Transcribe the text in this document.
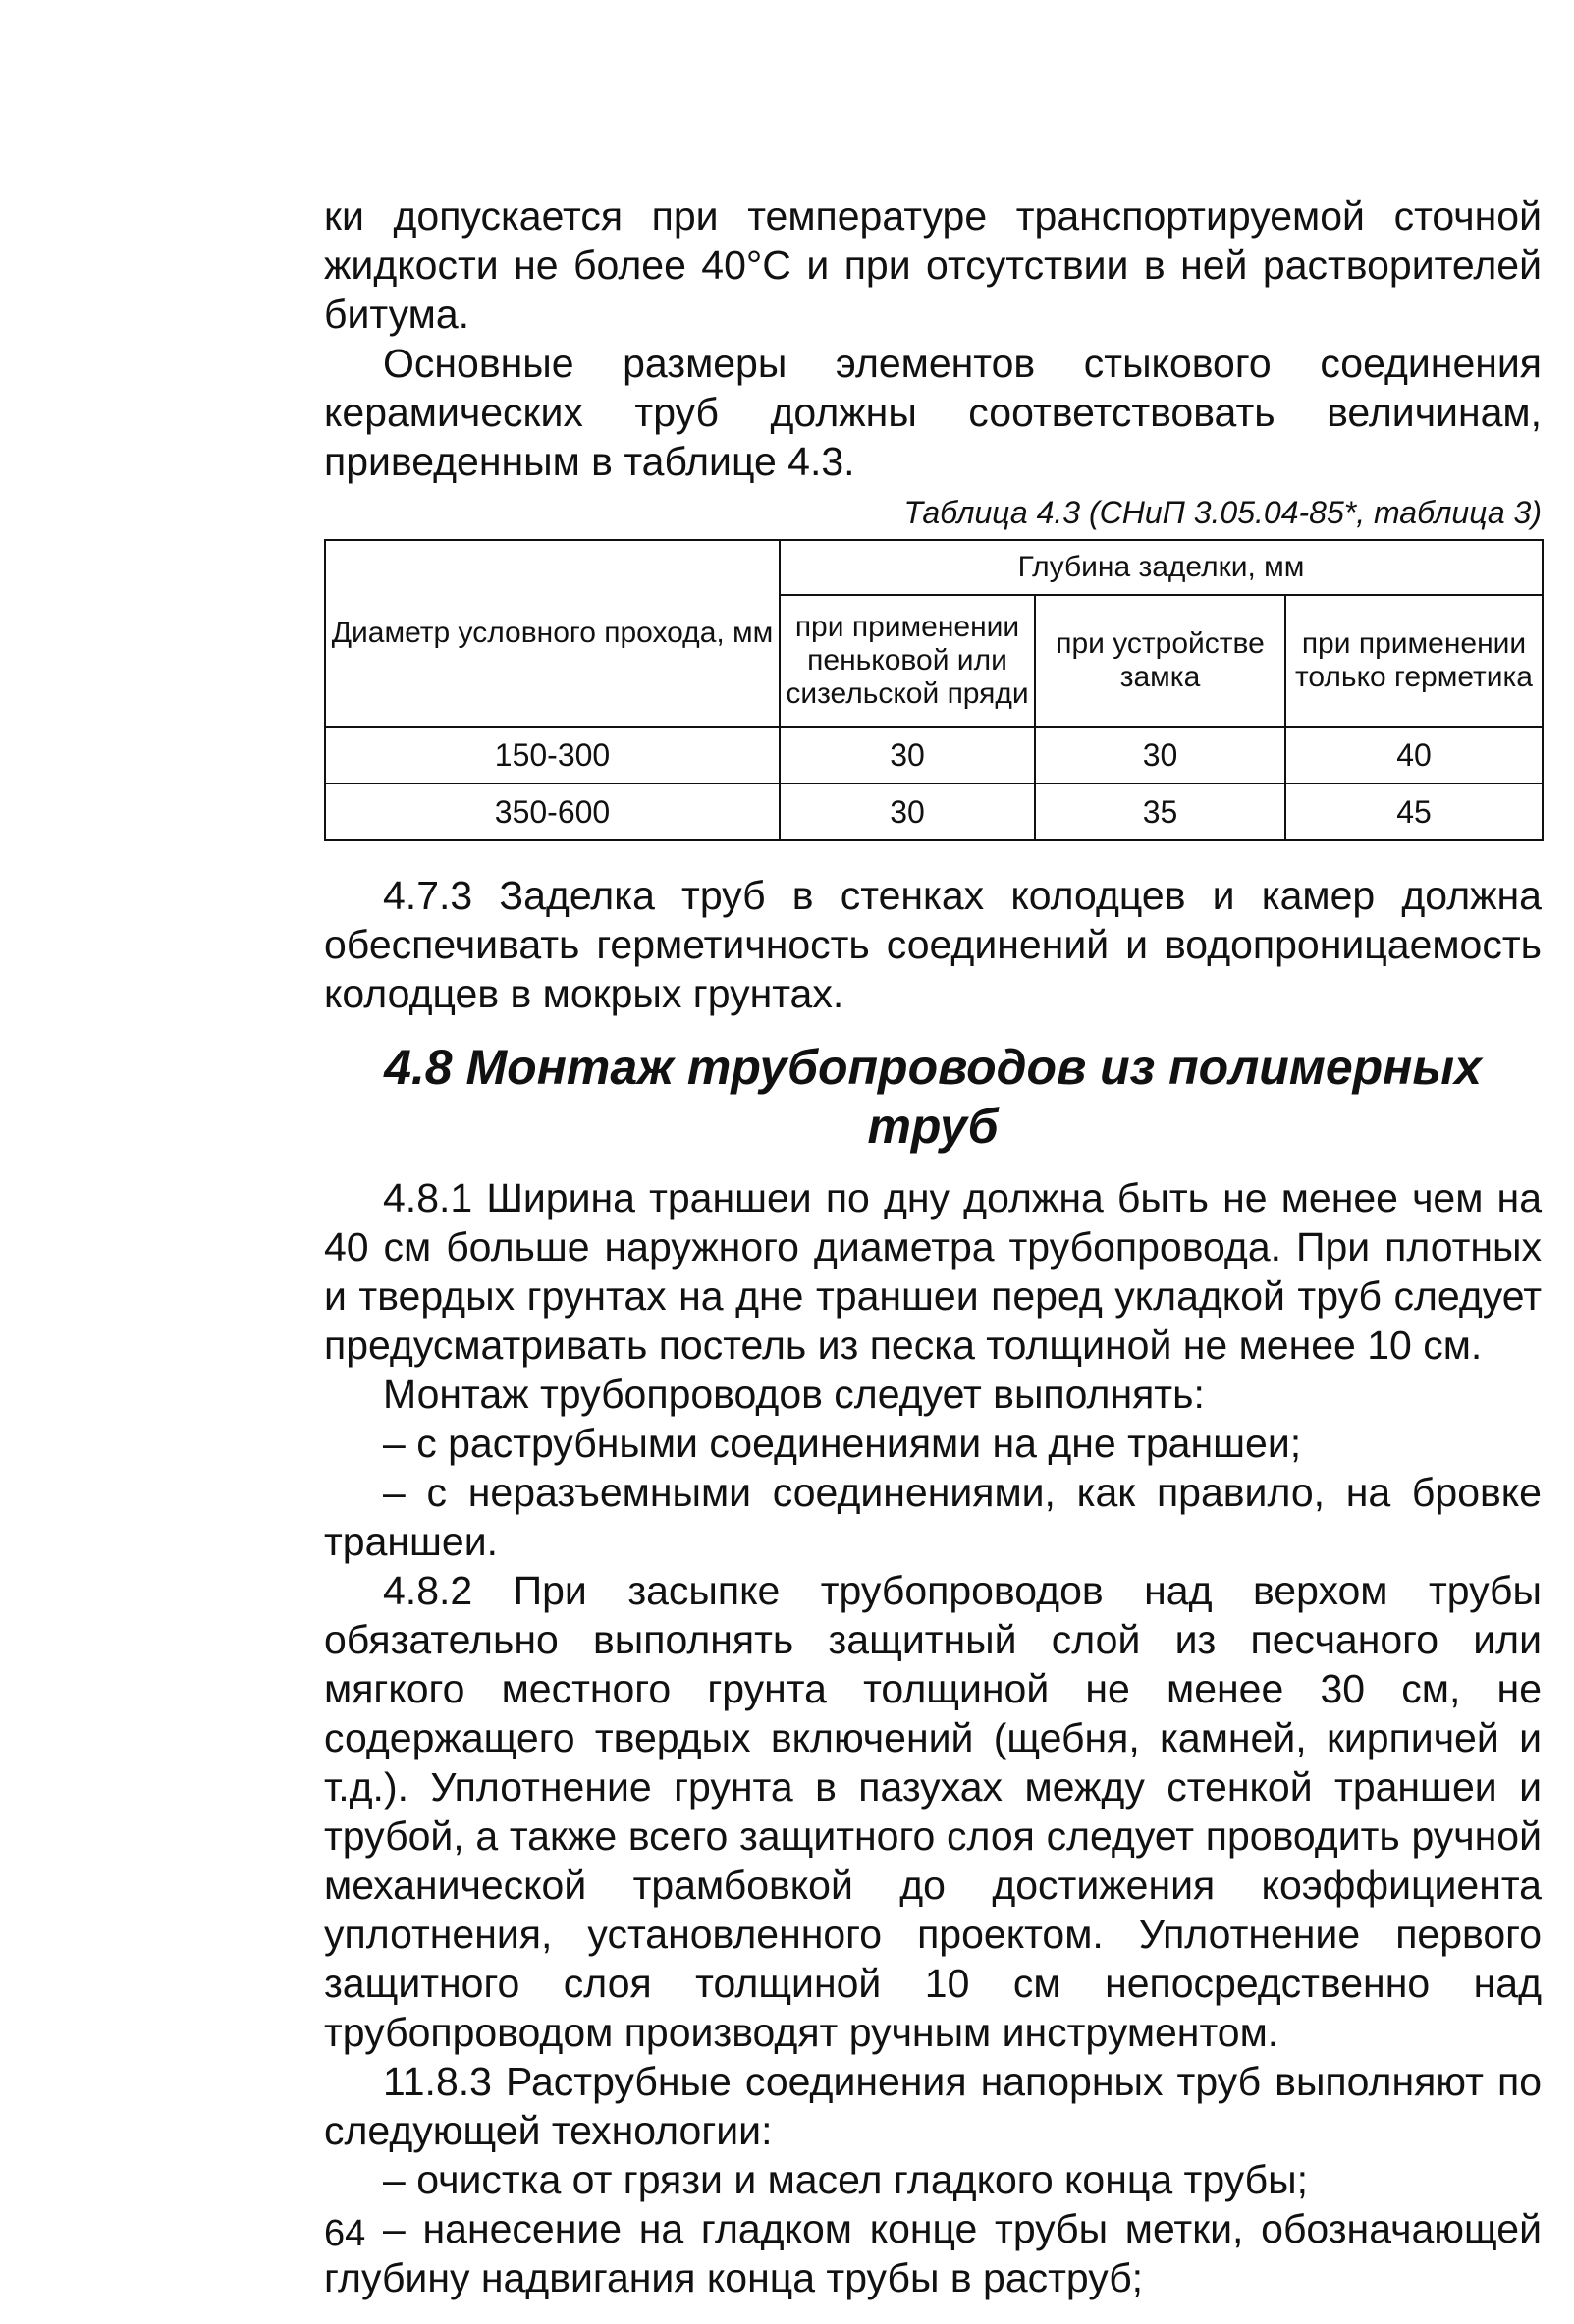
ки допускается при температуре транспортируемой сточной жидкости не более 40°С и при отсутствии в ней растворителей битума.

Основные размеры элементов стыкового соединения керамических труб должны соответствовать величинам, приведенным в таблице 4.3.

Таблица 4.3 (СНиП 3.05.04-85*, таблица 3)
Диаметр условного прохода, мм	Глубина заделки, мм		
	при применении пеньковой или сизельской пряди	при устройстве замка	при применении только герметика
150-300	30	30	40
350-600	30	35	45

4.7.3 Заделка труб в стенках колодцев и камер должна обеспечивать герметичность соединений и водопроницаемость колодцев в мокрых грунтах.

4.8 Монтаж трубопроводов из полимерных труб

4.8.1 Ширина траншеи по дну должна быть не менее чем на 40 см больше наружного диаметра трубопровода. При плотных и твердых грунтах на дне траншеи перед укладкой труб следует предусматривать постель из песка толщиной не менее 10 см.

Монтаж трубопроводов следует выполнять:

– с раструбными соединениями на дне траншеи;

– с неразъемными соединениями, как правило, на бровке траншеи.

4.8.2 При засыпке трубопроводов над верхом трубы обязательно выполнять защитный слой из песчаного или мягкого местного грунта толщиной не менее 30 см, не содержащего твердых включений (щебня, камней, кирпичей и т.д.). Уплотнение грунта в пазухах между стенкой траншеи и трубой, а также всего защитного слоя следует проводить ручной механической трамбовкой до достижения коэффициента уплотнения, установленного проектом. Уплотнение первого защитного слоя толщиной 10 см непосредственно над трубопроводом производят ручным инструментом.

11.8.3 Раструбные соединения напорных труб выполняют по следующей технологии:

– очистка от грязи и масел гладкого конца трубы;

– нанесение на гладком конце трубы метки, обозначающей глубину надвигания конца трубы в раструб;

64
